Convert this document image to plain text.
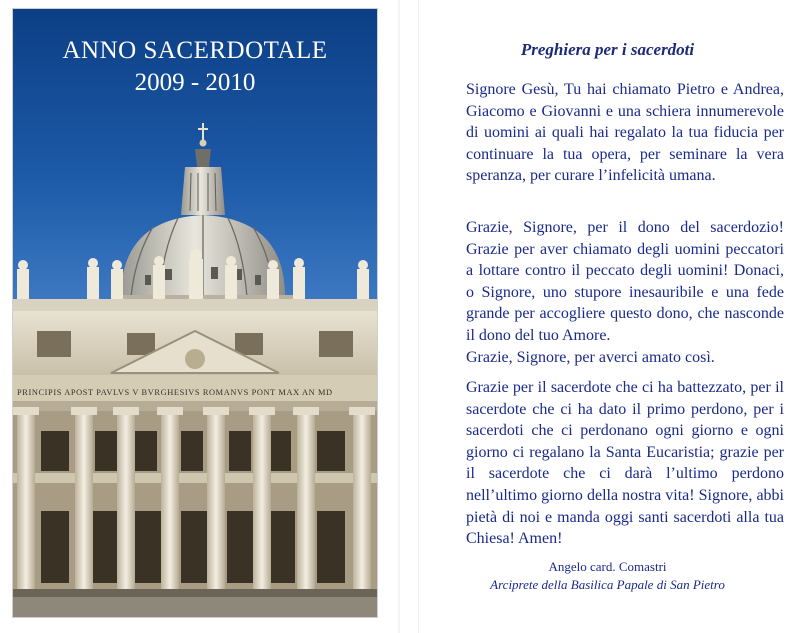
PRINCIPIS APOST PAVLVS V BVRGHESIVS ROMANVS PONT MAX AN MD
ANNO SACERDOTALE
2009 - 2010
Preghiera per i sacerdoti

Signore Gesù, Tu hai chiamato Pietro e Andrea, Giacomo e Giovanni e una schiera innumerevole di uomini ai quali hai regalato la tua fiducia per continuare la tua opera, per seminare la vera speranza, per curare l’infelicità umana.

Grazie, Signore, per il dono del sacerdozio! Grazie per aver chiamato degli uomini peccatori a lottare contro il peccato degli uomini! Donaci, o Signore, uno stupore inesauribile e una fede grande per accogliere questo dono, che nasconde il dono del tuo Amore.
Grazie, Signore, per averci amato così.

Grazie per il sacerdote che ci ha battezzato, per il sacerdote che ci ha dato il primo perdono, per i sacerdoti che ci perdonano ogni giorno e ogni giorno ci regalano la Santa Eucaristia; grazie per il sacerdote che ci darà l’ultimo perdono nell’ultimo giorno della nostra vita! Signore, abbi pietà di noi e manda oggi santi sacerdoti alla tua Chiesa! Amen!

Angelo card. Comastri
Arciprete della Basilica Papale di San Pietro
